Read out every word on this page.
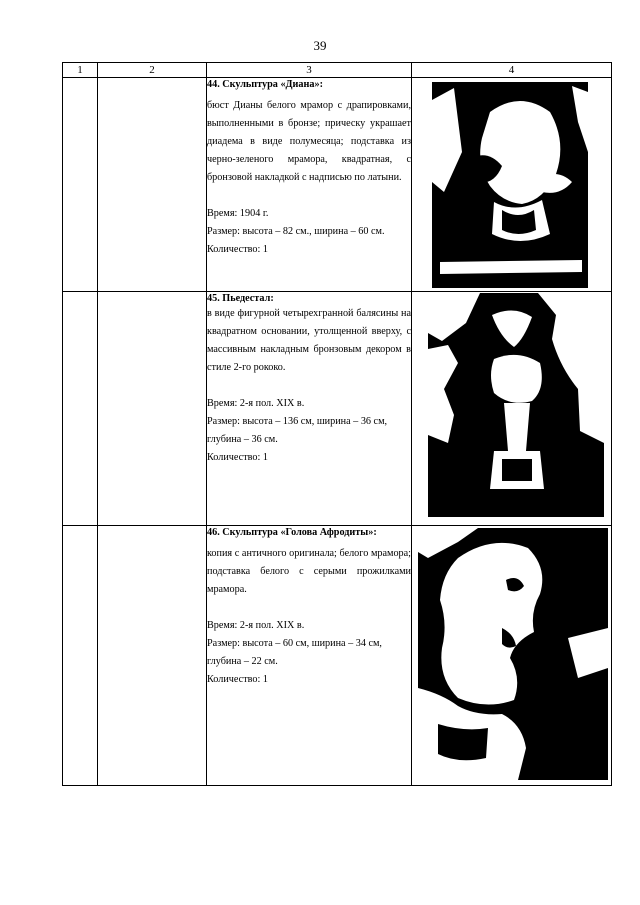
39
1	2	3	4

		44. Скульптура «Диана»:
бюст Дианы белого мрамор с драпировками, выполненными в бронзе; прическу украшает диадема в виде полумесяца; подставка из черно-зеленого мрамора, квадратная, с бронзовой накладкой с надписью по латыни.
Время: 1904 г.
Размер: высота – 82 см., ширина – 60 см.
Количество: 1

		45. Пьедестал:
в виде фигурной четырехгранной балясины на квадратном основании, утолщенной вверху, с массивным накладным бронзовым декором в стиле 2-го рококо.
Время: 2-я пол. XIX в.
Размер: высота – 136 см, ширина – 36 см, глубина – 36 см.
Количество: 1

		46. Скульптура «Голова Афродиты»:
копия с античного оригинала; белого мрамора; подставка белого с серыми прожилками мрамора.
Время: 2-я пол. XIX в.
Размер: высота – 60 см, ширина – 34 см, глубина – 22 см.
Количество: 1
